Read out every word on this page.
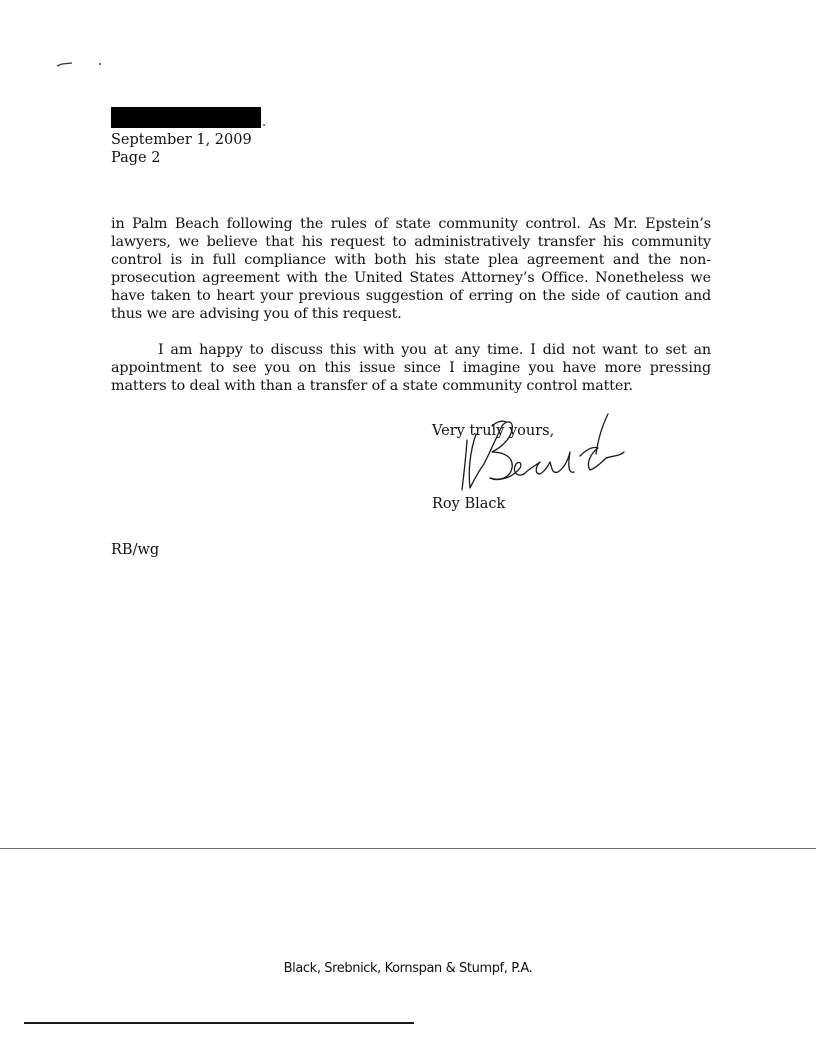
.
September 1, 2009
Page 2
in Palm Beach following the rules of state community control. As Mr. Epstein’s lawyers, we believe that his request to administratively transfer his community control is in full compliance with both his state plea agreement and the non-prosecution agreement with the United States Attorney’s Office. Nonetheless we have taken to heart your previous suggestion of erring on the side of caution and thus we are advising you of this request.
I am happy to discuss this with you at any time. I did not want to set an appointment to see you on this issue since I imagine you have more pressing matters to deal with than a transfer of a state community control matter.
Very truly yours,
Roy Black
RB/wg
Black, Srebnick, Kornspan & Stumpf, P.A.
